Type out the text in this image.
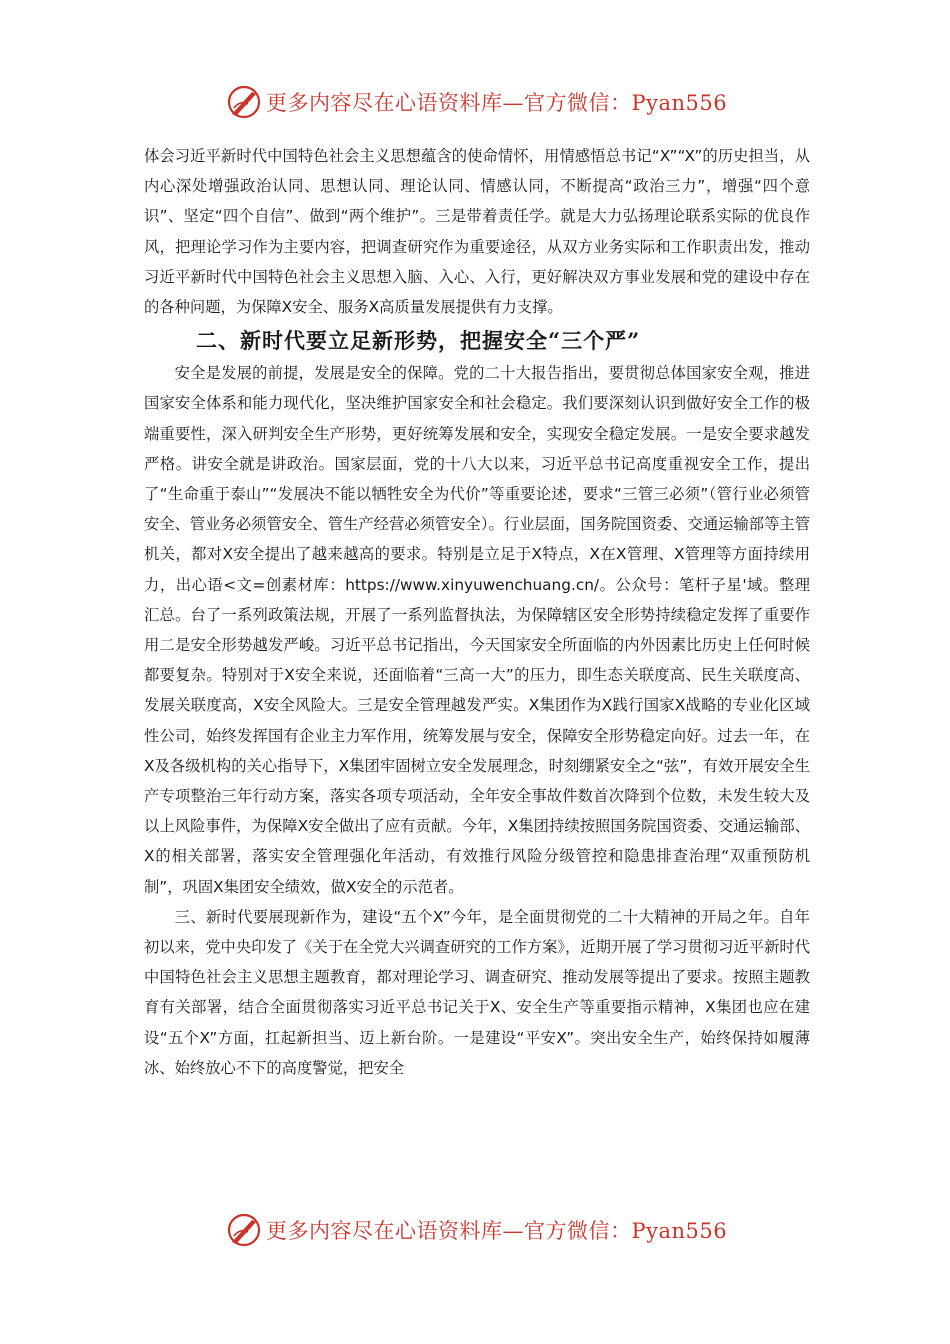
更多内容尽在心语资料库—官方微信：Pyan556

体会习近平新时代中国特色社会主义思想蕴含的使命情怀，用情感悟总书记“X”“X”的历史担当，从内心深处增强政治认同、思想认同、理论认同、情感认同，不断提高“政治三力”，增强“四个意识”、坚定“四个自信”、做到“两个维护”。三是带着责任学。就是大力弘扬理论联系实际的优良作风，把理论学习作为主要内容，把调查研究作为重要途径，从双方业务实际和工作职责出发，推动习近平新时代中国特色社会主义思想入脑、入心、入行，更好解决双方事业发展和党的建设中存在的各种问题，为保障X安全、服务X高质量发展提供有力支撑。

二、新时代要立足新形势，把握安全“三个严”

安全是发展的前提，发展是安全的保障。党的二十大报告指出，要贯彻总体国家安全观，推进国家安全体系和能力现代化，坚决维护国家安全和社会稳定。我们要深刻认识到做好安全工作的极端重要性，深入研判安全生产形势，更好统筹发展和安全，实现安全稳定发展。一是安全要求越发严格。讲安全就是讲政治。国家层面，党的十八大以来，习近平总书记高度重视安全工作，提出了“生命重于泰山”“发展决不能以牺牲安全为代价”等重要论述，要求“三管三必须”（管行业必须管安全、管业务必须管安全、管生产经营必须管安全）。行业层面，国务院国资委、交通运输部等主管机关，都对X安全提出了越来越高的要求。特别是立足于X特点，X在X管理、X管理等方面持续用力，出心语<文=创素材库：https://www.xinyuwenchuang.cn/。公众号：笔杆子星'域。整理汇总。台了一系列政策法规，开展了一系列监督执法，为保障辖区安全形势持续稳定发挥了重要作用二是安全形势越发严峻。习近平总书记指出，今天国家安全所面临的内外因素比历史上任何时候都要复杂。特别对于X安全来说，还面临着“三高一大”的压力，即生态关联度高、民生关联度高、发展关联度高，X安全风险大。三是安全管理越发严实。X集团作为X践行国家X战略的专业化区域性公司，始终发挥国有企业主力军作用，统筹发展与安全，保障安全形势稳定向好。过去一年，在X及各级机构的关心指导下，X集团牢固树立安全发展理念，时刻绷紧安全之“弦”，有效开展安全生产专项整治三年行动方案，落实各项专项活动，全年安全事故件数首次降到个位数，未发生较大及以上风险事件，为保障X安全做出了应有贡献。今年，X集团持续按照国务院国资委、交通运输部、X的相关部署，落实安全管理强化年活动，有效推行风险分级管控和隐患排查治理“双重预防机制”，巩固X集团安全绩效，做X安全的示范者。

三、新时代要展现新作为，建设“五个X”今年，是全面贯彻党的二十大精神的开局之年。自年初以来，党中央印发了《关于在全党大兴调查研究的工作方案》，近期开展了学习贯彻习近平新时代中国特色社会主义思想主题教育，都对理论学习、调查研究、推动发展等提出了要求。按照主题教育有关部署，结合全面贯彻落实习近平总书记关于X、安全生产等重要指示精神，X集团也应在建设“五个X”方面，扛起新担当、迈上新台阶。一是建设“平安X”。突出安全生产，始终保持如履薄冰、始终放心不下的高度警觉，把安全

更多内容尽在心语资料库—官方微信：Pyan556
